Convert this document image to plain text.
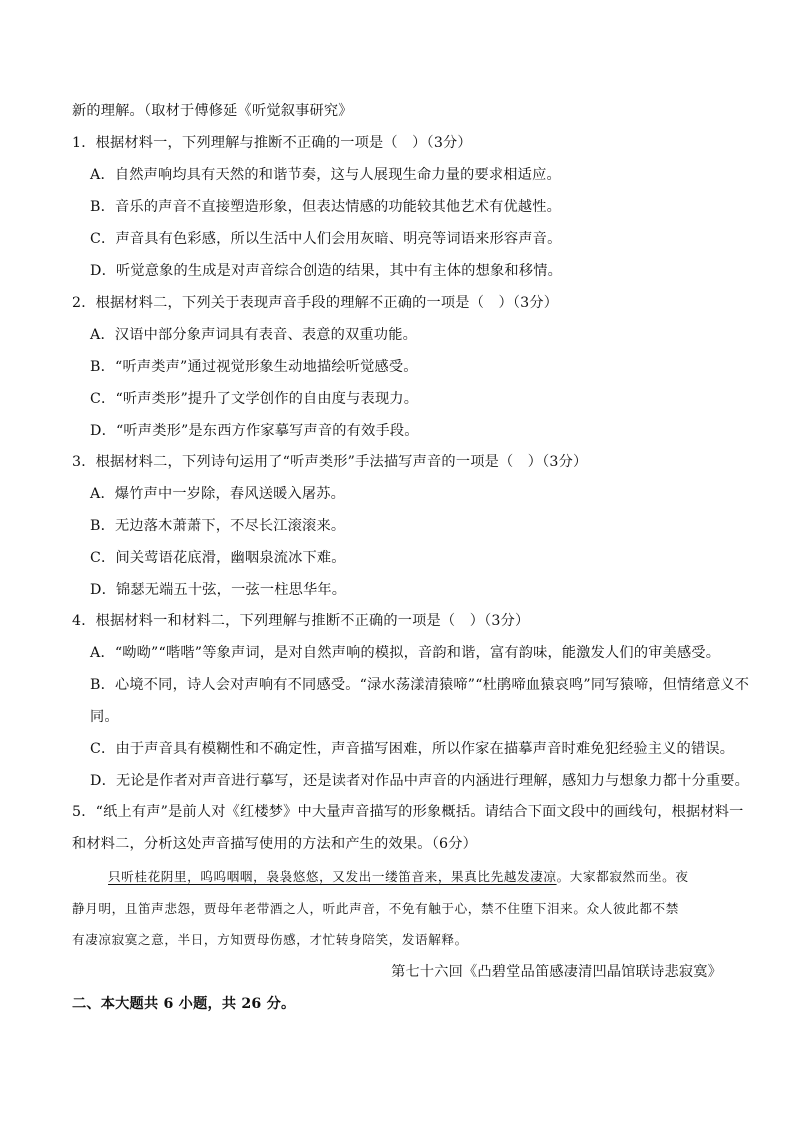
新的理解。（取材于傅修延《听觉叙事研究》
1．根据材料一，下列理解与推断不正确的一项是（　）（3分）
A．自然声响均具有天然的和谐节奏，这与人展现生命力量的要求相适应。
B．音乐的声音不直接塑造形象，但表达情感的功能较其他艺术有优越性。
C．声音具有色彩感，所以生活中人们会用灰暗、明亮等词语来形容声音。
D．听觉意象的生成是对声音综合创造的结果，其中有主体的想象和移情。
2．根据材料二，下列关于表现声音手段的理解不正确的一项是（　）（3分）
A．汉语中部分象声词具有表音、表意的双重功能。
B．“听声类声”通过视觉形象生动地描绘听觉感受。
C．“听声类形”提升了文学创作的自由度与表现力。
D．“听声类形”是东西方作家摹写声音的有效手段。
3．根据材料二，下列诗句运用了“听声类形”手法描写声音的一项是（　）（3分）
A．爆竹声中一岁除，春风送暖入屠苏。
B．无边落木萧萧下，不尽长江滚滚来。
C．间关莺语花底滑，幽咽泉流冰下难。
D．锦瑟无端五十弦，一弦一柱思华年。
4．根据材料一和材料二，下列理解与推断不正确的一项是（　）（3分）
A．“呦呦”“喈喈”等象声词，是对自然声响的模拟，音韵和谐，富有韵味，能激发人们的审美感受。
B．心境不同，诗人会对声响有不同感受。“渌水荡漾清猿啼”“杜鹃啼血猿哀鸣”同写猿啼，但情绪意义不
同。
C．由于声音具有模糊性和不确定性，声音描写困难，所以作家在描摹声音时难免犯经验主义的错误。
D．无论是作者对声音进行摹写，还是读者对作品中声音的内涵进行理解，感知力与想象力都十分重要。
5．“纸上有声”是前人对《红楼梦》中大量声音描写的形象概括。请结合下面文段中的画线句，根据材料一
和材料二，分析这处声音描写使用的方法和产生的效果。（6分）
只听桂花阴里，呜呜咽咽，袅袅悠悠，又发出一缕笛音来，果真比先越发凄凉。大家都寂然而坐。夜
静月明，且笛声悲怨，贾母年老带酒之人，听此声音，不免有触于心，禁不住堕下泪来。众人彼此都不禁
有凄凉寂寞之意，半日，方知贾母伤感，才忙转身陪笑，发语解释。
第七十六回《凸碧堂品笛感凄清凹晶馆联诗悲寂寞》
二、本大题共 6 小题，共 26 分。
